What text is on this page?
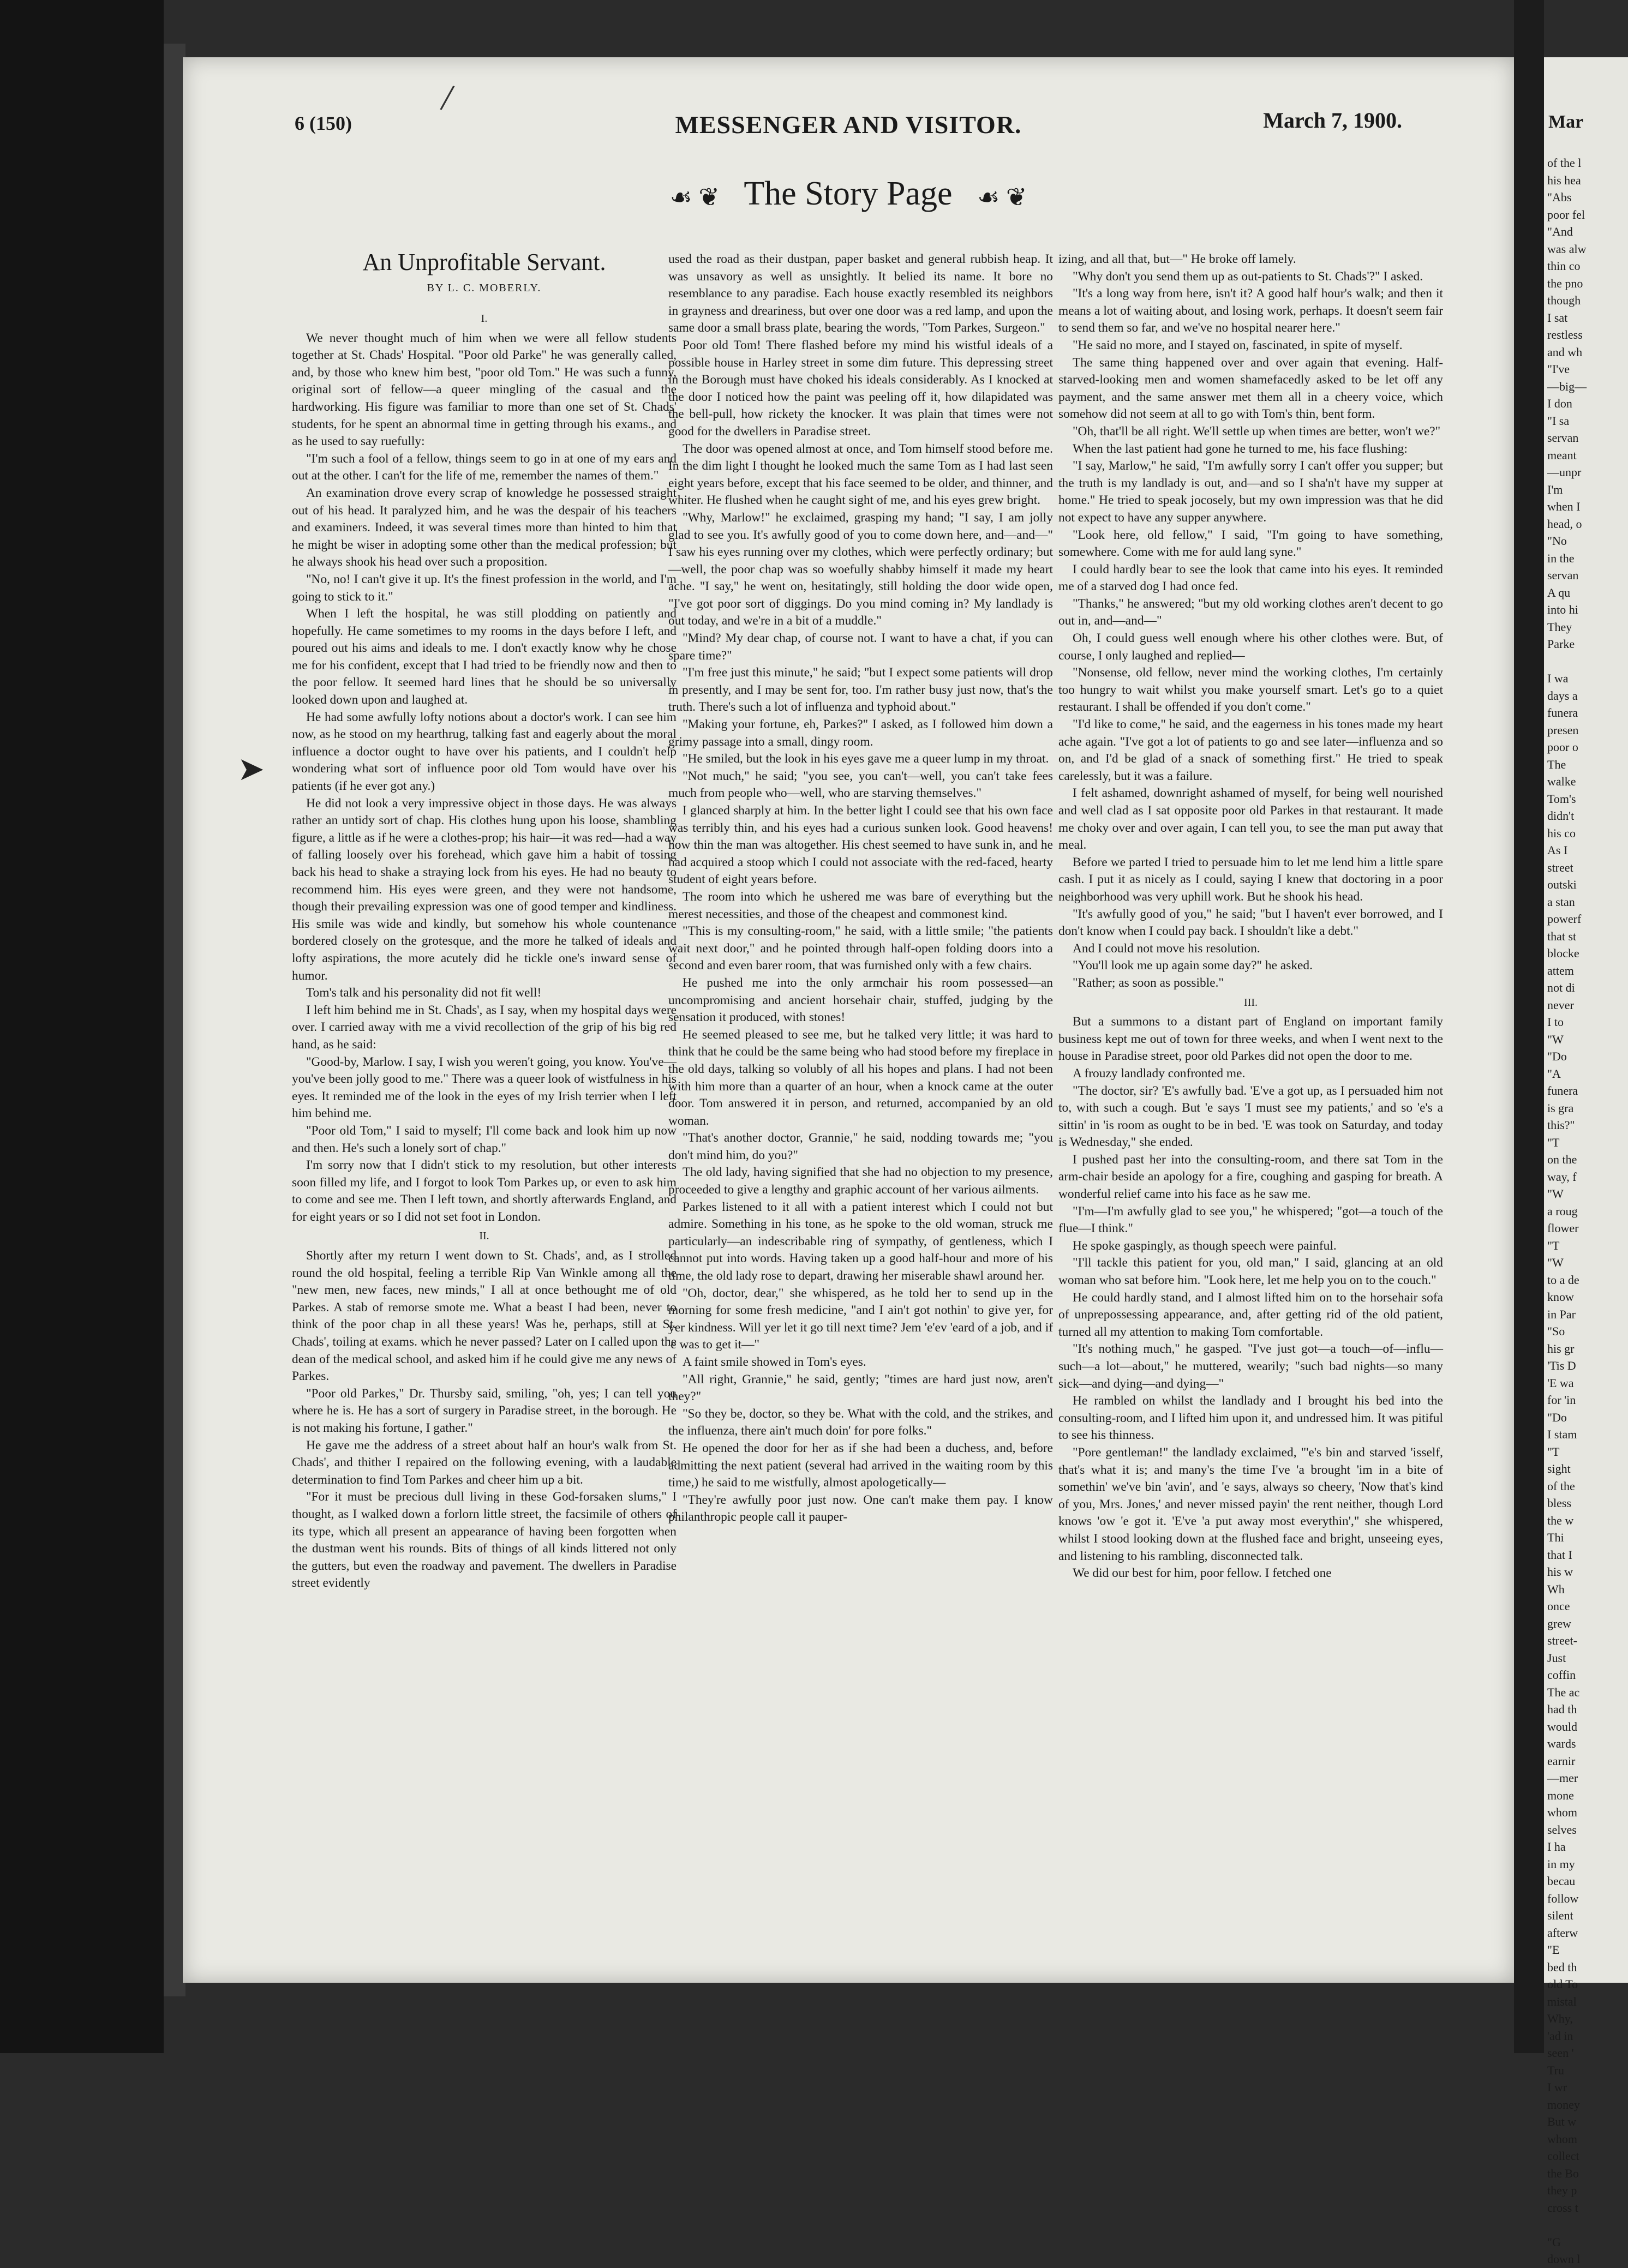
/
➤
6 (150)	MESSENGER AND VISITOR.	March 7, 1900.
☙ ❦ The Story Page ☙ ❦
An Unprofitable Servant.
BY L. C. MOBERLY.

I.

We never thought much of him when we were all fellow students together at St. Chads' Hospital. "Poor old Parke" he was generally called, and, by those who knew him best, "poor old Tom." He was such a funny, original sort of fellow—a queer mingling of the casual and the hardworking. His figure was familiar to more than one set of St. Chads' students, for he spent an abnormal time in getting through his exams., and as he used to say ruefully:

"I'm such a fool of a fellow, things seem to go in at one of my ears and out at the other. I can't for the life of me, remember the names of them."

An examination drove every scrap of knowledge he possessed straight out of his head. It paralyzed him, and he was the despair of his teachers and examiners. Indeed, it was several times more than hinted to him that he might be wiser in adopting some other than the medical profession; but he always shook his head over such a proposition.

"No, no! I can't give it up. It's the finest profession in the world, and I'm going to stick to it."

When I left the hospital, he was still plodding on patiently and hopefully. He came sometimes to my rooms in the days before I left, and poured out his aims and ideals to me. I don't exactly know why he chose me for his confident, except that I had tried to be friendly now and then to the poor fellow. It seemed hard lines that he should be so universally looked down upon and laughed at.

He had some awfully lofty notions about a doctor's work. I can see him now, as he stood on my hearthrug, talking fast and eagerly about the moral influence a doctor ought to have over his patients, and I couldn't help wondering what sort of influence poor old Tom would have over his patients (if he ever got any.)

He did not look a very impressive object in those days. He was always rather an untidy sort of chap. His clothes hung upon his loose, shambling figure, a little as if he were a clothes-prop; his hair—it was red—had a way of falling loosely over his forehead, which gave him a habit of tossing back his head to shake a straying lock from his eyes. He had no beauty to recommend him. His eyes were green, and they were not handsome, though their prevailing expression was one of good temper and kindliness. His smile was wide and kindly, but somehow his whole countenance bordered closely on the grotesque, and the more he talked of ideals and lofty aspirations, the more acutely did he tickle one's inward sense of humor.

Tom's talk and his personality did not fit well!

I left him behind me in St. Chads', as I say, when my hospital days were over. I carried away with me a vivid recollection of the grip of his big red hand, as he said:

"Good-by, Marlow. I say, I wish you weren't going, you know. You've—you've been jolly good to me." There was a queer look of wistfulness in his eyes. It reminded me of the look in the eyes of my Irish terrier when I left him behind me.

"Poor old Tom," I said to myself; I'll come back and look him up now and then. He's such a lonely sort of chap."

I'm sorry now that I didn't stick to my resolution, but other interests soon filled my life, and I forgot to look Tom Parkes up, or even to ask him to come and see me. Then I left town, and shortly afterwards England, and for eight years or so I did not set foot in London.

II.

Shortly after my return I went down to St. Chads', and, as I strolled round the old hospital, feeling a terrible Rip Van Winkle among all the "new men, new faces, new minds," I all at once bethought me of old Parkes. A stab of remorse smote me. What a beast I had been, never to think of the poor chap in all these years! Was he, perhaps, still at St. Chads', toiling at exams. which he never passed? Later on I called upon the dean of the medical school, and asked him if he could give me any news of Parkes.

"Poor old Parkes," Dr. Thursby said, smiling, "oh, yes; I can tell you where he is. He has a sort of surgery in Paradise street, in the borough. He is not making his fortune, I gather."

He gave me the address of a street about half an hour's walk from St. Chads', and thither I repaired on the following evening, with a laudable determination to find Tom Parkes and cheer him up a bit.

"For it must be precious dull living in these God-forsaken slums," I thought, as I walked down a forlorn little street, the facsimile of others of its type, which all present an appearance of having been forgotten when the dustman went his rounds. Bits of things of all kinds littered not only the gutters, but even the roadway and pavement. The dwellers in Paradise street evidently

used the road as their dustpan, paper basket and general rubbish heap. It was unsavory as well as unsightly. It belied its name. It bore no resemblance to any paradise. Each house exactly resembled its neighbors in grayness and dreariness, but over one door was a red lamp, and upon the same door a small brass plate, bearing the words, "Tom Parkes, Surgeon."

Poor old Tom! There flashed before my mind his wistful ideals of a possible house in Harley street in some dim future. This depressing street in the Borough must have choked his ideals considerably. As I knocked at the door I noticed how the paint was peeling off it, how dilapidated was the bell-pull, how rickety the knocker. It was plain that times were not good for the dwellers in Paradise street.

The door was opened almost at once, and Tom himself stood before me. In the dim light I thought he looked much the same Tom as I had last seen eight years before, except that his face seemed to be older, and thinner, and whiter. He flushed when he caught sight of me, and his eyes grew bright.

"Why, Marlow!" he exclaimed, grasping my hand; "I say, I am jolly glad to see you. It's awfully good of you to come down here, and—and—" I saw his eyes running over my clothes, which were perfectly ordinary; but—well, the poor chap was so woefully shabby himself it made my heart ache. "I say," he went on, hesitatingly, still holding the door wide open, "I've got poor sort of diggings. Do you mind coming in? My landlady is out today, and we're in a bit of a muddle."

"Mind? My dear chap, of course not. I want to have a chat, if you can spare time?"

"I'm free just this minute," he said; "but I expect some patients will drop in presently, and I may be sent for, too. I'm rather busy just now, that's the truth. There's such a lot of influenza and typhoid about."

"Making your fortune, eh, Parkes?" I asked, as I followed him down a grimy passage into a small, dingy room.

"He smiled, but the look in his eyes gave me a queer lump in my throat.

"Not much," he said; "you see, you can't—well, you can't take fees much from people who—well, who are starving themselves."

I glanced sharply at him. In the better light I could see that his own face was terribly thin, and his eyes had a curious sunken look. Good heavens! how thin the man was altogether. His chest seemed to have sunk in, and he had acquired a stoop which I could not associate with the red-faced, hearty student of eight years before.

The room into which he ushered me was bare of everything but the merest necessities, and those of the cheapest and commonest kind.

"This is my consulting-room," he said, with a little smile; "the patients wait next door," and he pointed through half-open folding doors into a second and even barer room, that was furnished only with a few chairs.

He pushed me into the only armchair his room possessed—an uncompromising and ancient horsehair chair, stuffed, judging by the sensation it produced, with stones!

He seemed pleased to see me, but he talked very little; it was hard to think that he could be the same being who had stood before my fireplace in the old days, talking so volubly of all his hopes and plans. I had not been with him more than a quarter of an hour, when a knock came at the outer door. Tom answered it in person, and returned, accompanied by an old woman.

"That's another doctor, Grannie," he said, nodding towards me; "you don't mind him, do you?"

The old lady, having signified that she had no objection to my presence, proceeded to give a lengthy and graphic account of her various ailments.

Parkes listened to it all with a patient interest which I could not but admire. Something in his tone, as he spoke to the old woman, struck me particularly—an indescribable ring of sympathy, of gentleness, which I cannot put into words. Having taken up a good half-hour and more of his time, the old lady rose to depart, drawing her miserable shawl around her.

"Oh, doctor, dear," she whispered, as he told her to send up in the morning for some fresh medicine, "and I ain't got nothin' to give yer, for yer kindness. Will yer let it go till next time? Jem 'e'ev 'eard of a job, and if 'e was to get it—"

A faint smile showed in Tom's eyes.

"All right, Grannie," he said, gently; "times are hard just now, aren't they?"

"So they be, doctor, so they be. What with the cold, and the strikes, and the influenza, there ain't much doin' for pore folks."

He opened the door for her as if she had been a duchess, and, before admitting the next patient (several had arrived in the waiting room by this time,) he said to me wistfully, almost apologetically—

"They're awfully poor just now. One can't make them pay. I know philanthropic people call it pauper-

izing, and all that, but—" He broke off lamely.

"Why don't you send them up as out-patients to St. Chads'?" I asked.

"It's a long way from here, isn't it? A good half hour's walk; and then it means a lot of waiting about, and losing work, perhaps. It doesn't seem fair to send them so far, and we've no hospital nearer here."

"He said no more, and I stayed on, fascinated, in spite of myself.

The same thing happened over and over again that evening. Half-starved-looking men and women shamefacedly asked to be let off any payment, and the same answer met them all in a cheery voice, which somehow did not seem at all to go with Tom's thin, bent form.

"Oh, that'll be all right. We'll settle up when times are better, won't we?"

When the last patient had gone he turned to me, his face flushing:

"I say, Marlow," he said, "I'm awfully sorry I can't offer you supper; but the truth is my landlady is out, and—and so I sha'n't have my supper at home." He tried to speak jocosely, but my own impression was that he did not expect to have any supper anywhere.

"Look here, old fellow," I said, "I'm going to have something, somewhere. Come with me for auld lang syne."

I could hardly bear to see the look that came into his eyes. It reminded me of a starved dog I had once fed.

"Thanks," he answered; "but my old working clothes aren't decent to go out in, and—and—"

Oh, I could guess well enough where his other clothes were. But, of course, I only laughed and replied—

"Nonsense, old fellow, never mind the working clothes, I'm certainly too hungry to wait whilst you make yourself smart. Let's go to a quiet restaurant. I shall be offended if you don't come."

"I'd like to come," he said, and the eagerness in his tones made my heart ache again. "I've got a lot of patients to go and see later—influenza and so on, and I'd be glad of a snack of something first." He tried to speak carelessly, but it was a failure.

I felt ashamed, downright ashamed of myself, for being well nourished and well clad as I sat opposite poor old Parkes in that restaurant. It made me choky over and over again, I can tell you, to see the man put away that meal.

Before we parted I tried to persuade him to let me lend him a little spare cash. I put it as nicely as I could, saying I knew that doctoring in a poor neighborhood was very uphill work. But he shook his head.

"It's awfully good of you," he said; "but I haven't ever borrowed, and I don't know when I could pay back. I shouldn't like a debt."

And I could not move his resolution.

"You'll look me up again some day?" he asked.

"Rather; as soon as possible."

III.

But a summons to a distant part of England on important family business kept me out of town for three weeks, and when I went next to the house in Paradise street, poor old Parkes did not open the door to me.

A frouzy landlady confronted me.

"The doctor, sir? 'E's awfully bad. 'E've a got up, as I persuaded him not to, with such a cough. But 'e says 'I must see my patients,' and so 'e's a sittin' in 'is room as ought to be in bed. 'E was took on Saturday, and today is Wednesday," she ended.

I pushed past her into the consulting-room, and there sat Tom in the arm-chair beside an apology for a fire, coughing and gasping for breath. A wonderful relief came into his face as he saw me.

"I'm—I'm awfully glad to see you," he whispered; "got—a touch of the flue—I think."

He spoke gaspingly, as though speech were painful.

"I'll tackle this patient for you, old man," I said, glancing at an old woman who sat before him. "Look here, let me help you on to the couch."

He could hardly stand, and I almost lifted him on to the horsehair sofa of unprepossessing appearance, and, after getting rid of the old patient, turned all my attention to making Tom comfortable.

"It's nothing much," he gasped. "I've just got—a touch—of—influ—such—a lot—about," he muttered, wearily; "such bad nights—so many sick—and dying—and dying—"

He rambled on whilst the landlady and I brought his bed into the consulting-room, and I lifted him upon it, and undressed him. It was pitiful to see his thinness.

"Pore gentleman!" the landlady exclaimed, "'e's bin and starved 'isself, that's what it is; and many's the time I've 'a brought 'im in a bite of somethin' we've bin 'avin', and 'e says, always so cheery, 'Now that's kind of you, Mrs. Jones,' and never missed payin' the rent neither, though Lord knows 'ow 'e got it. 'E've 'a put away most everythin'," she whispered, whilst I stood looking down at the flushed face and bright, unseeing eyes, and listening to his rambling, disconnected talk.

We did our best for him, poor fellow. I fetched one

Mar
of the l
his hea
"Abs
poor fel
"And
was alw
thin co
the pno
though
I sat
restless
and wh
"I've
—big—
I don
"I sa
servan
meant
—unpr
I'm
when I
head, o
"No
in the
servan
A qu
into hi
They
Parke

I wa
days a
funera
presen
poor o
The
walke
Tom's
didn't
his co
As I
street
outski
a stan
powerf
that st
blocke
attem
not di
never
I to
"W
"Do
"A
funera
is gra
this?"
"T
on the
way, f
"W
a roug
flower
"T
"W
to a de
know
in Par
"So
his gr
'Tis D
'E wa
for 'in
"Do
I stam
"T
sight
of the
bless
the w
Thi
that I
his w
Wh
once
grew
street-
Just
coffin
The ac
had th
would
wards
earnir
—mer
mone
whom
selves
I ha
in my
becau
follow
silent
afterw
"E
bed th
old To
mistal
Why,
'ad in
seen '
Tru
I wr
money
But w
whom
collect
the Bo
they p
cross t

"G
down l
